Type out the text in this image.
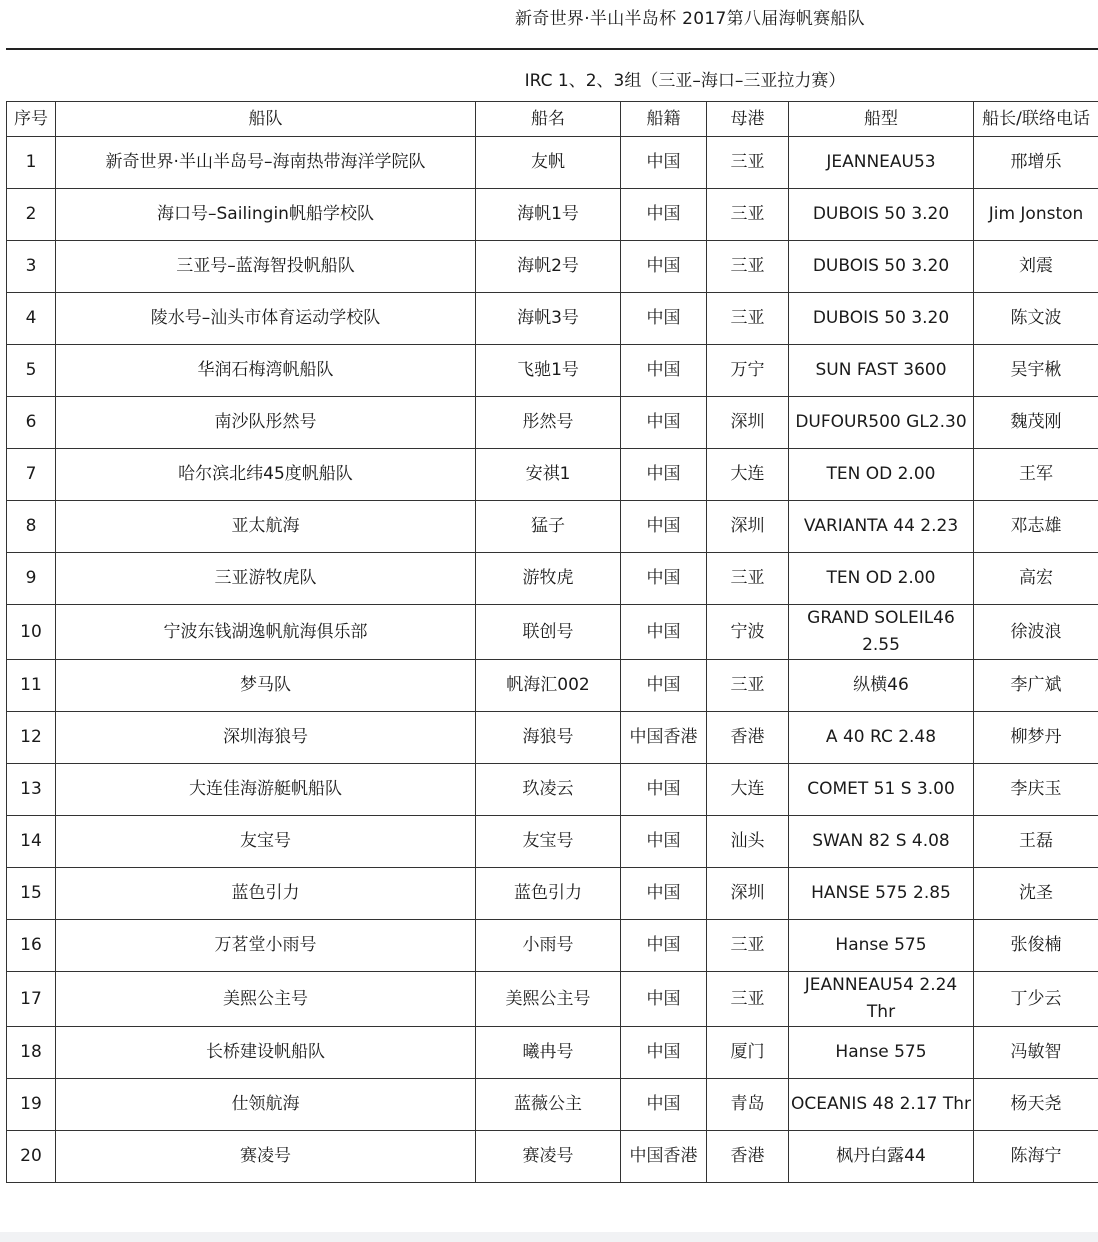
新奇世界·半山半岛杯 2017第八届海帆赛船队
IRC 1、2、3组（三亚–海口–三亚拉力赛）
序号	船队	船名	船籍	母港	船型	船长/联络电话
1	新奇世界·半山半岛号–海南热带海洋学院队	友帆	中国	三亚	JEANNEAU53	邢增乐
2	海口号–Sailingin帆船学校队	海帆1号	中国	三亚	DUBOIS 50 3.20	Jim Jonston
3	三亚号–蓝海智投帆船队	海帆2号	中国	三亚	DUBOIS 50 3.20	刘震
4	陵水号–汕头市体育运动学校队	海帆3号	中国	三亚	DUBOIS 50 3.20	陈文波
5	华润石梅湾帆船队	飞驰1号	中国	万宁	SUN FAST 3600	吴宇楸
6	南沙队彤然号	彤然号	中国	深圳	DUFOUR500 GL2.30	魏茂刚
7	哈尔滨北纬45度帆船队	安祺1	中国	大连	TEN OD 2.00	王军
8	亚太航海	猛子	中国	深圳	VARIANTA 44 2.23	邓志雄
9	三亚游牧虎队	游牧虎	中国	三亚	TEN OD 2.00	高宏
10	宁波东钱湖逸帆航海俱乐部	联创号	中国	宁波	GRAND SOLEIL46 2.55	徐波浪
11	梦马队	帆海汇002	中国	三亚	纵横46	李广斌
12	深圳海狼号	海狼号	中国香港	香港	A 40 RC 2.48	柳梦丹
13	大连佳海游艇帆船队	玖凌云	中国	大连	COMET 51 S 3.00	李庆玉
14	友宝号	友宝号	中国	汕头	SWAN 82 S 4.08	王磊
15	蓝色引力	蓝色引力	中国	深圳	HANSE 575 2.85	沈圣
16	万茗堂小雨号	小雨号	中国	三亚	Hanse 575	张俊楠
17	美熙公主号	美熙公主号	中国	三亚	JEANNEAU54 2.24 Thr	丁少云
18	长桥建设帆船队	曦冉号	中国	厦门	Hanse 575	冯敏智
19	仕领航海	蓝薇公主	中国	青岛	OCEANIS 48 2.17 Thr	杨天尧
20	赛凌号	赛凌号	中国香港	香港	枫丹白露44	陈海宁
